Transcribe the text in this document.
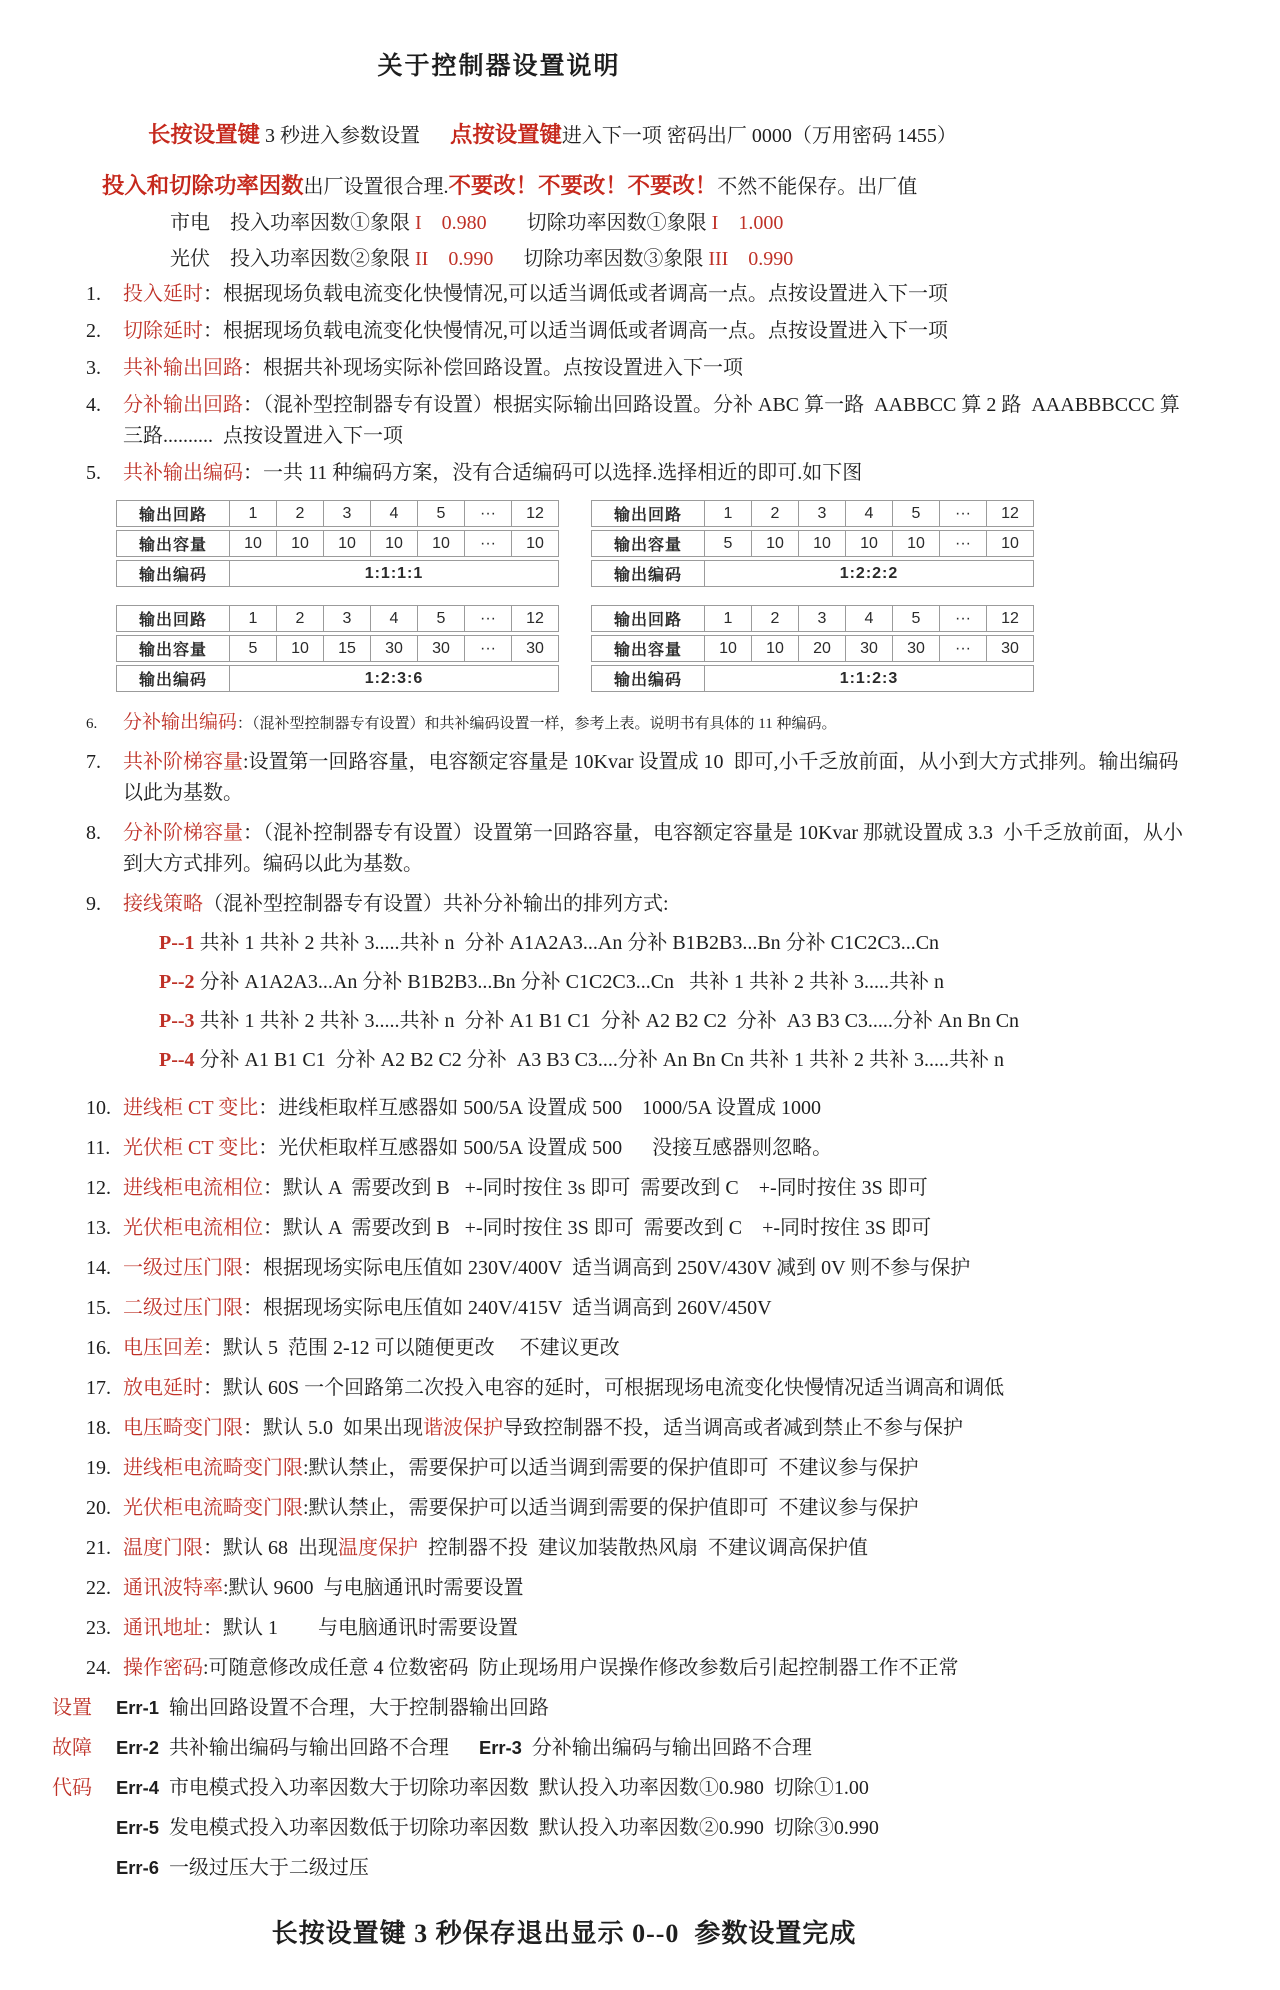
关于控制器设置说明
长按设置键 3 秒进入参数设置      点按设置键进入下一项 密码出厂 0000（万用密码 1455）
投入和切除功率因数出厂设置很合理.不要改！不要改！不要改！不然不能保存。出厂值
市电    投入功率因数①象限 I    0.980        切除功率因数①象限 I    1.000
光伏    投入功率因数②象限 II    0.990      切除功率因数③象限 III    0.990
1.	投入延时：根据现场负载电流变化快慢情况,可以适当调低或者调高一点。点按设置进入下一项
2.	切除延时：根据现场负载电流变化快慢情况,可以适当调低或者调高一点。点按设置进入下一项
3.	共补输出回路：根据共补现场实际补偿回路设置。点按设置进入下一项
4.	分补输出回路：（混补型控制器专有设置）根据实际输出回路设置。分补 ABC 算一路  AABBCC 算 2 路  AAABBBCCC 算三路..........  点按设置进入下一项
5.	共补输出编码：一共 11 种编码方案，没有合适编码可以选择.选择相近的即可.如下图
输出回路	1	2	3	4	5	···	12
输出容量	10	10	10	10	10	···	10
输出编码	1:1:1:1						
输出回路	1	2	3	4	5	···	12
输出容量	5	10	10	10	10	···	10
输出编码	1:2:2:2						
输出回路	1	2	3	4	5	···	12
输出容量	5	10	15	30	30	···	30
输出编码	1:2:3:6						
输出回路	1	2	3	4	5	···	12
输出容量	10	10	20	30	30	···	30
输出编码	1:1:2:3						
6.	分补输出编码：（混补型控制器专有设置）和共补编码设置一样，参考上表。说明书有具体的 11 种编码。
7.	共补阶梯容量:设置第一回路容量，电容额定容量是 10Kvar 设置成 10  即可,小千乏放前面，从小到大方式排列。输出编码以此为基数。
8.	分补阶梯容量：（混补控制器专有设置）设置第一回路容量，电容额定容量是 10Kvar 那就设置成 3.3  小千乏放前面，从小到大方式排列。编码以此为基数。
9.	接线策略（混补型控制器专有设置）共补分补输出的排列方式:
P--1 共补 1 共补 2 共补 3.....共补 n  分补 A1A2A3...An 分补 B1B2B3...Bn 分补 C1C2C3...Cn
P--2 分补 A1A2A3...An 分补 B1B2B3...Bn 分补 C1C2C3...Cn   共补 1 共补 2 共补 3.....共补 n
P--3 共补 1 共补 2 共补 3.....共补 n  分补 A1 B1 C1  分补 A2 B2 C2  分补  A3 B3 C3.....分补 An Bn Cn
P--4 分补 A1 B1 C1  分补 A2 B2 C2 分补  A3 B3 C3....分补 An Bn Cn 共补 1 共补 2 共补 3.....共补 n
10. 进线柜 CT 变比：进线柜取样互感器如 500/5A 设置成 500    1000/5A 设置成 1000
11. 光伏柜 CT 变比：光伏柜取样互感器如 500/5A 设置成 500      没接互感器则忽略。
12. 进线柜电流相位：默认 A  需要改到 B   +-同时按住 3s 即可  需要改到 C    +-同时按住 3S 即可
13. 光伏柜电流相位：默认 A  需要改到 B   +-同时按住 3S 即可  需要改到 C    +-同时按住 3S 即可
14. 一级过压门限：根据现场实际电压值如 230V/400V  适当调高到 250V/430V 减到 0V 则不参与保护
15. 二级过压门限：根据现场实际电压值如 240V/415V  适当调高到 260V/450V
16. 电压回差：默认 5  范围 2-12 可以随便更改     不建议更改
17. 放电延时：默认 60S 一个回路第二次投入电容的延时，可根据现场电流变化快慢情况适当调高和调低
18. 电压畸变门限：默认 5.0  如果出现谐波保护导致控制器不投，适当调高或者减到禁止不参与保护
19. 进线柜电流畸变门限:默认禁止，需要保护可以适当调到需要的保护值即可  不建议参与保护
20. 光伏柜电流畸变门限:默认禁止，需要保护可以适当调到需要的保护值即可  不建议参与保护
21. 温度门限：默认 68  出现温度保护  控制器不投  建议加装散热风扇  不建议调高保护值
22. 通讯波特率:默认 9600  与电脑通讯时需要设置
23. 通讯地址：默认 1        与电脑通讯时需要设置
24. 操作密码:可随意修改成任意 4 位数密码  防止现场用户误操作修改参数后引起控制器工作不正常
设置	Err-1  输出回路设置不合理，大于控制器输出回路
故障	Err-2  共补输出编码与输出回路不合理      Err-3  分补输出编码与输出回路不合理
代码	Err-4  市电模式投入功率因数大于切除功率因数  默认投入功率因数①0.980  切除①1.00
Err-5  发电模式投入功率因数低于切除功率因数  默认投入功率因数②0.990  切除③0.990
Err-6  一级过压大于二级过压
长按设置键 3 秒保存退出显示 0--0  参数设置完成
